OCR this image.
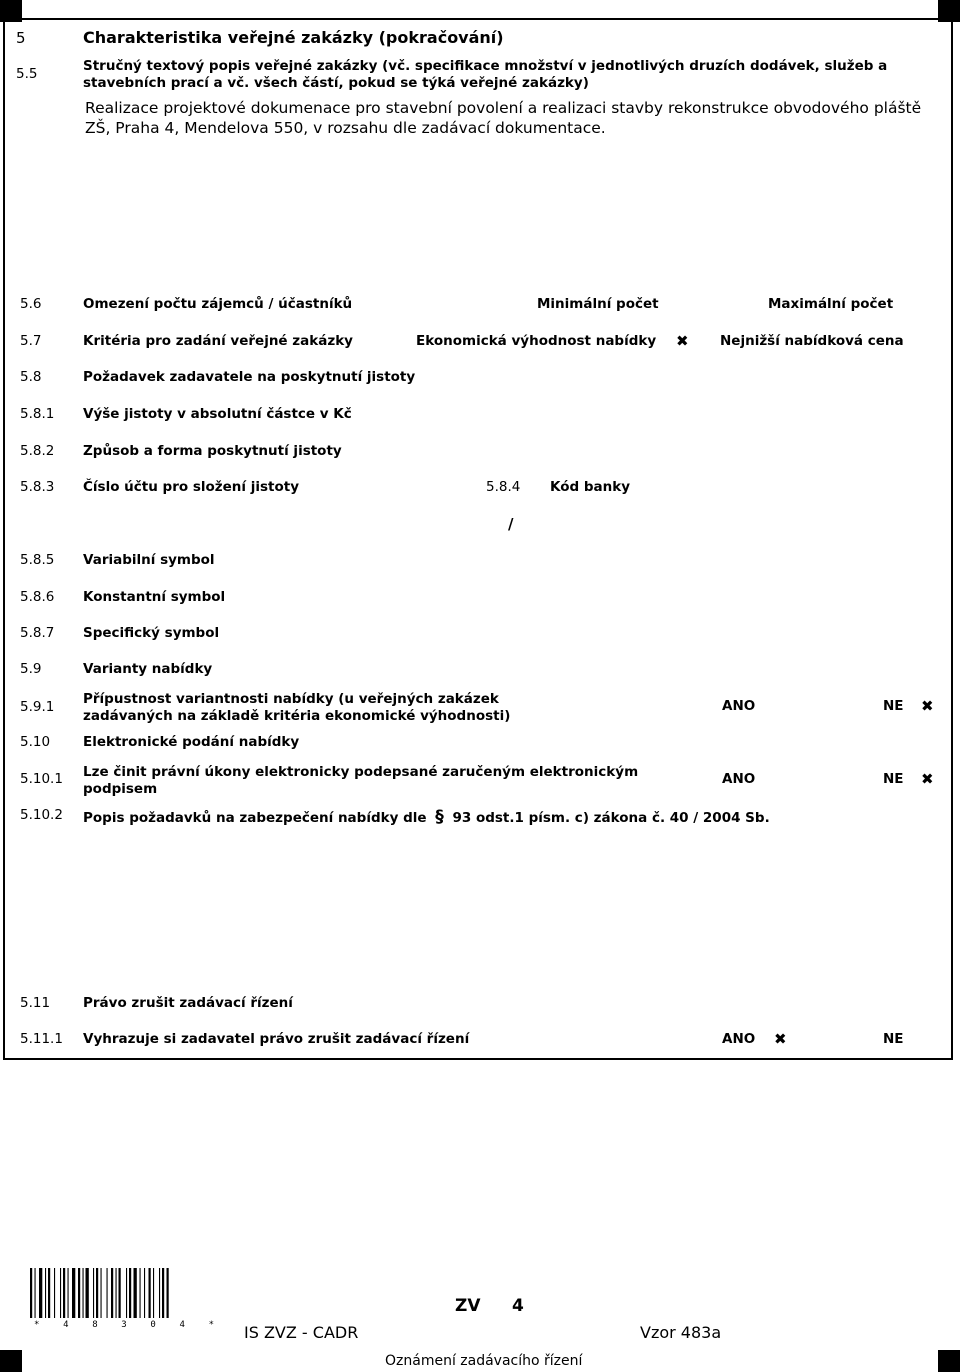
5	Charakteristika veřejné zakázky (pokračování)
5.5	Stručný textový popis veřejné zakázky (vč. specifikace množství v jednotlivých druzích dodávek, služeb a
stavebních prací a vč. všech částí, pokud se týká veřejné zakázky)
Realizace projektové dokumenace pro stavební povolení a realizaci stavby rekonstrukce obvodového pláště
ZŠ, Praha 4, Mendelova 550, v rozsahu dle zadávací dokumentace.
5.6	Omezení počtu zájemců / účastníků	Minimální počet	Maximální počet
5.7	Kritéria pro zadání veřejné zakázky	Ekonomická výhodnost nabídky ✖ Nejnižší nabídková cena
5.8	Požadavek zadavatele na poskytnutí jistoty
5.8.1 Výše jistoty v absolutní částce v Kč
5.8.2 Způsob a forma poskytnutí jistoty
5.8.3 Číslo účtu pro složení jistoty	5.8.4 Kód banky
/
5.8.5 Variabilní symbol
5.8.6 Konstantní symbol
5.8.7 Specifický symbol
5.9	Varianty nabídky
5.9.1 Přípustnost variantnosti nabídky (u veřejných zakázek
zadávaných na základě kritéria ekonomické výhodnosti)
ANO	NE ✖
5.10 Elektronické podání nabídky
5.10.1 Lze činit právní úkony elektronicky podepsané zaručeným elektronickým
podpisem
ANO	NE ✖
5.10.2 Popis požadavků na zabezpečení nabídky dle § 93 odst.1 písm. c) zákona č. 40 / 2004 Sb.
5.11 Právo zrušit zadávací řízení
5.11.1 Vyhrazuje si zadavatel právo zrušit zadávací řízení	ANO ✖	NE
*	4	8	3	0	4	*
ZV 4
IS ZVZ - CADR	Vzor 483a
Oznámení zadávacího řízení
